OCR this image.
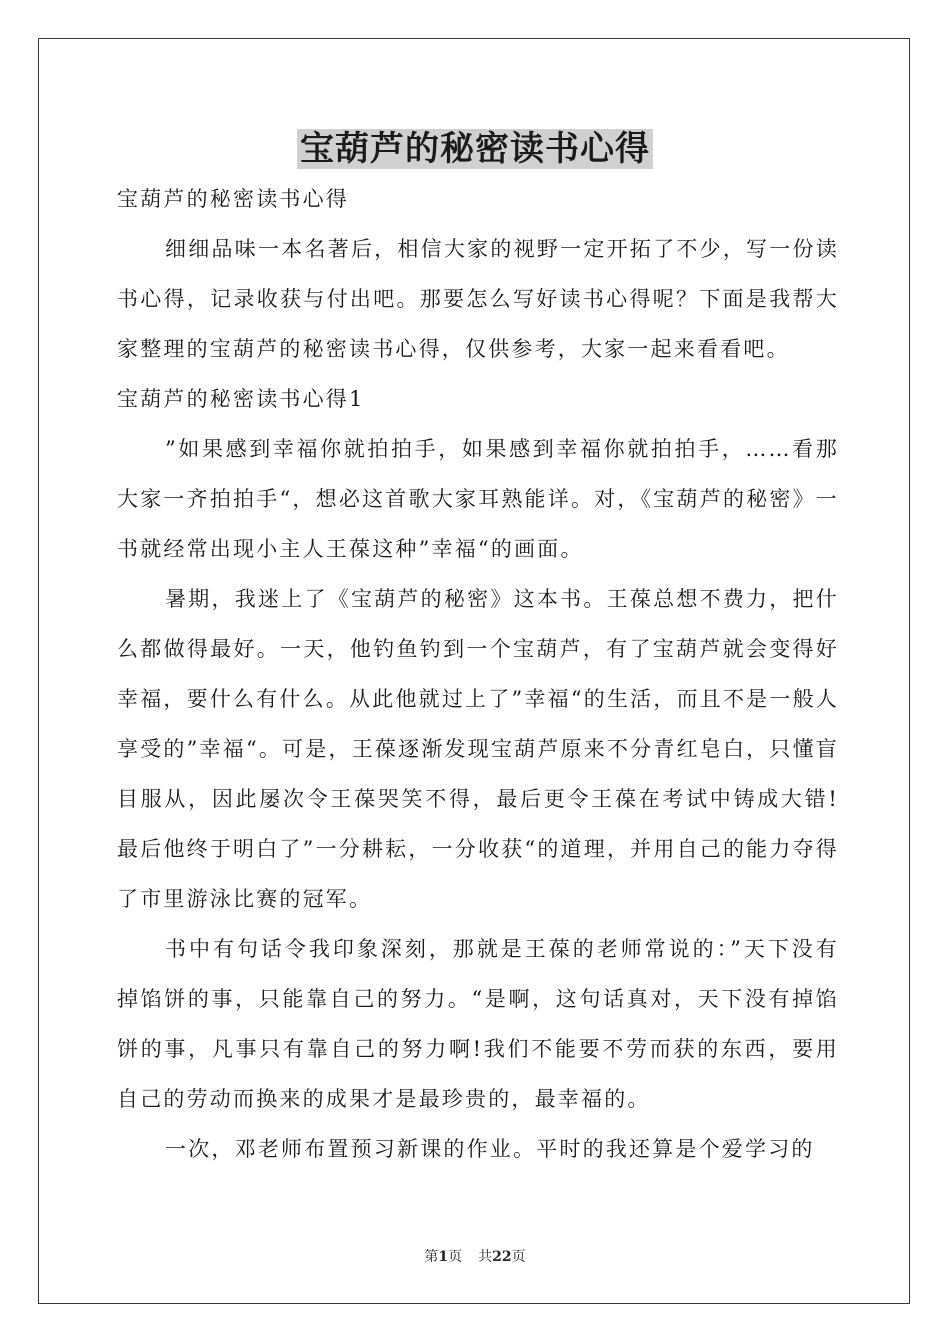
宝葫芦的秘密读书心得

宝葫芦的秘密读书心得

细细品味一本名著后，相信大家的视野一定开拓了不少，写一份读书心得，记录收获与付出吧。那要怎么写好读书心得呢？下面是我帮大家整理的宝葫芦的秘密读书心得，仅供参考，大家一起来看看吧。

宝葫芦的秘密读书心得1

”如果感到幸福你就拍拍手，如果感到幸福你就拍拍手，……看那大家一齐拍拍手“，想必这首歌大家耳熟能详。对，《宝葫芦的秘密》一书就经常出现小主人王葆这种”幸福“的画面。

暑期，我迷上了《宝葫芦的秘密》这本书。王葆总想不费力，把什么都做得最好。一天，他钓鱼钓到一个宝葫芦，有了宝葫芦就会变得好幸福，要什么有什么。从此他就过上了”幸福“的生活，而且不是一般人享受的”幸福“。可是，王葆逐渐发现宝葫芦原来不分青红皂白，只懂盲目服从，因此屡次令王葆哭笑不得，最后更令王葆在考试中铸成大错!最后他终于明白了”一分耕耘，一分收获“的道理，并用自己的能力夺得了市里游泳比赛的冠军。

书中有句话令我印象深刻，那就是王葆的老师常说的：”天下没有掉馅饼的事，只能靠自己的努力。“是啊，这句话真对，天下没有掉馅饼的事，凡事只有靠自己的努力啊!我们不能要不劳而获的东西，要用自己的劳动而换来的成果才是最珍贵的，最幸福的。

一次，邓老师布置预习新课的作业。平时的我还算是个爱学习的

第1页 共22页
